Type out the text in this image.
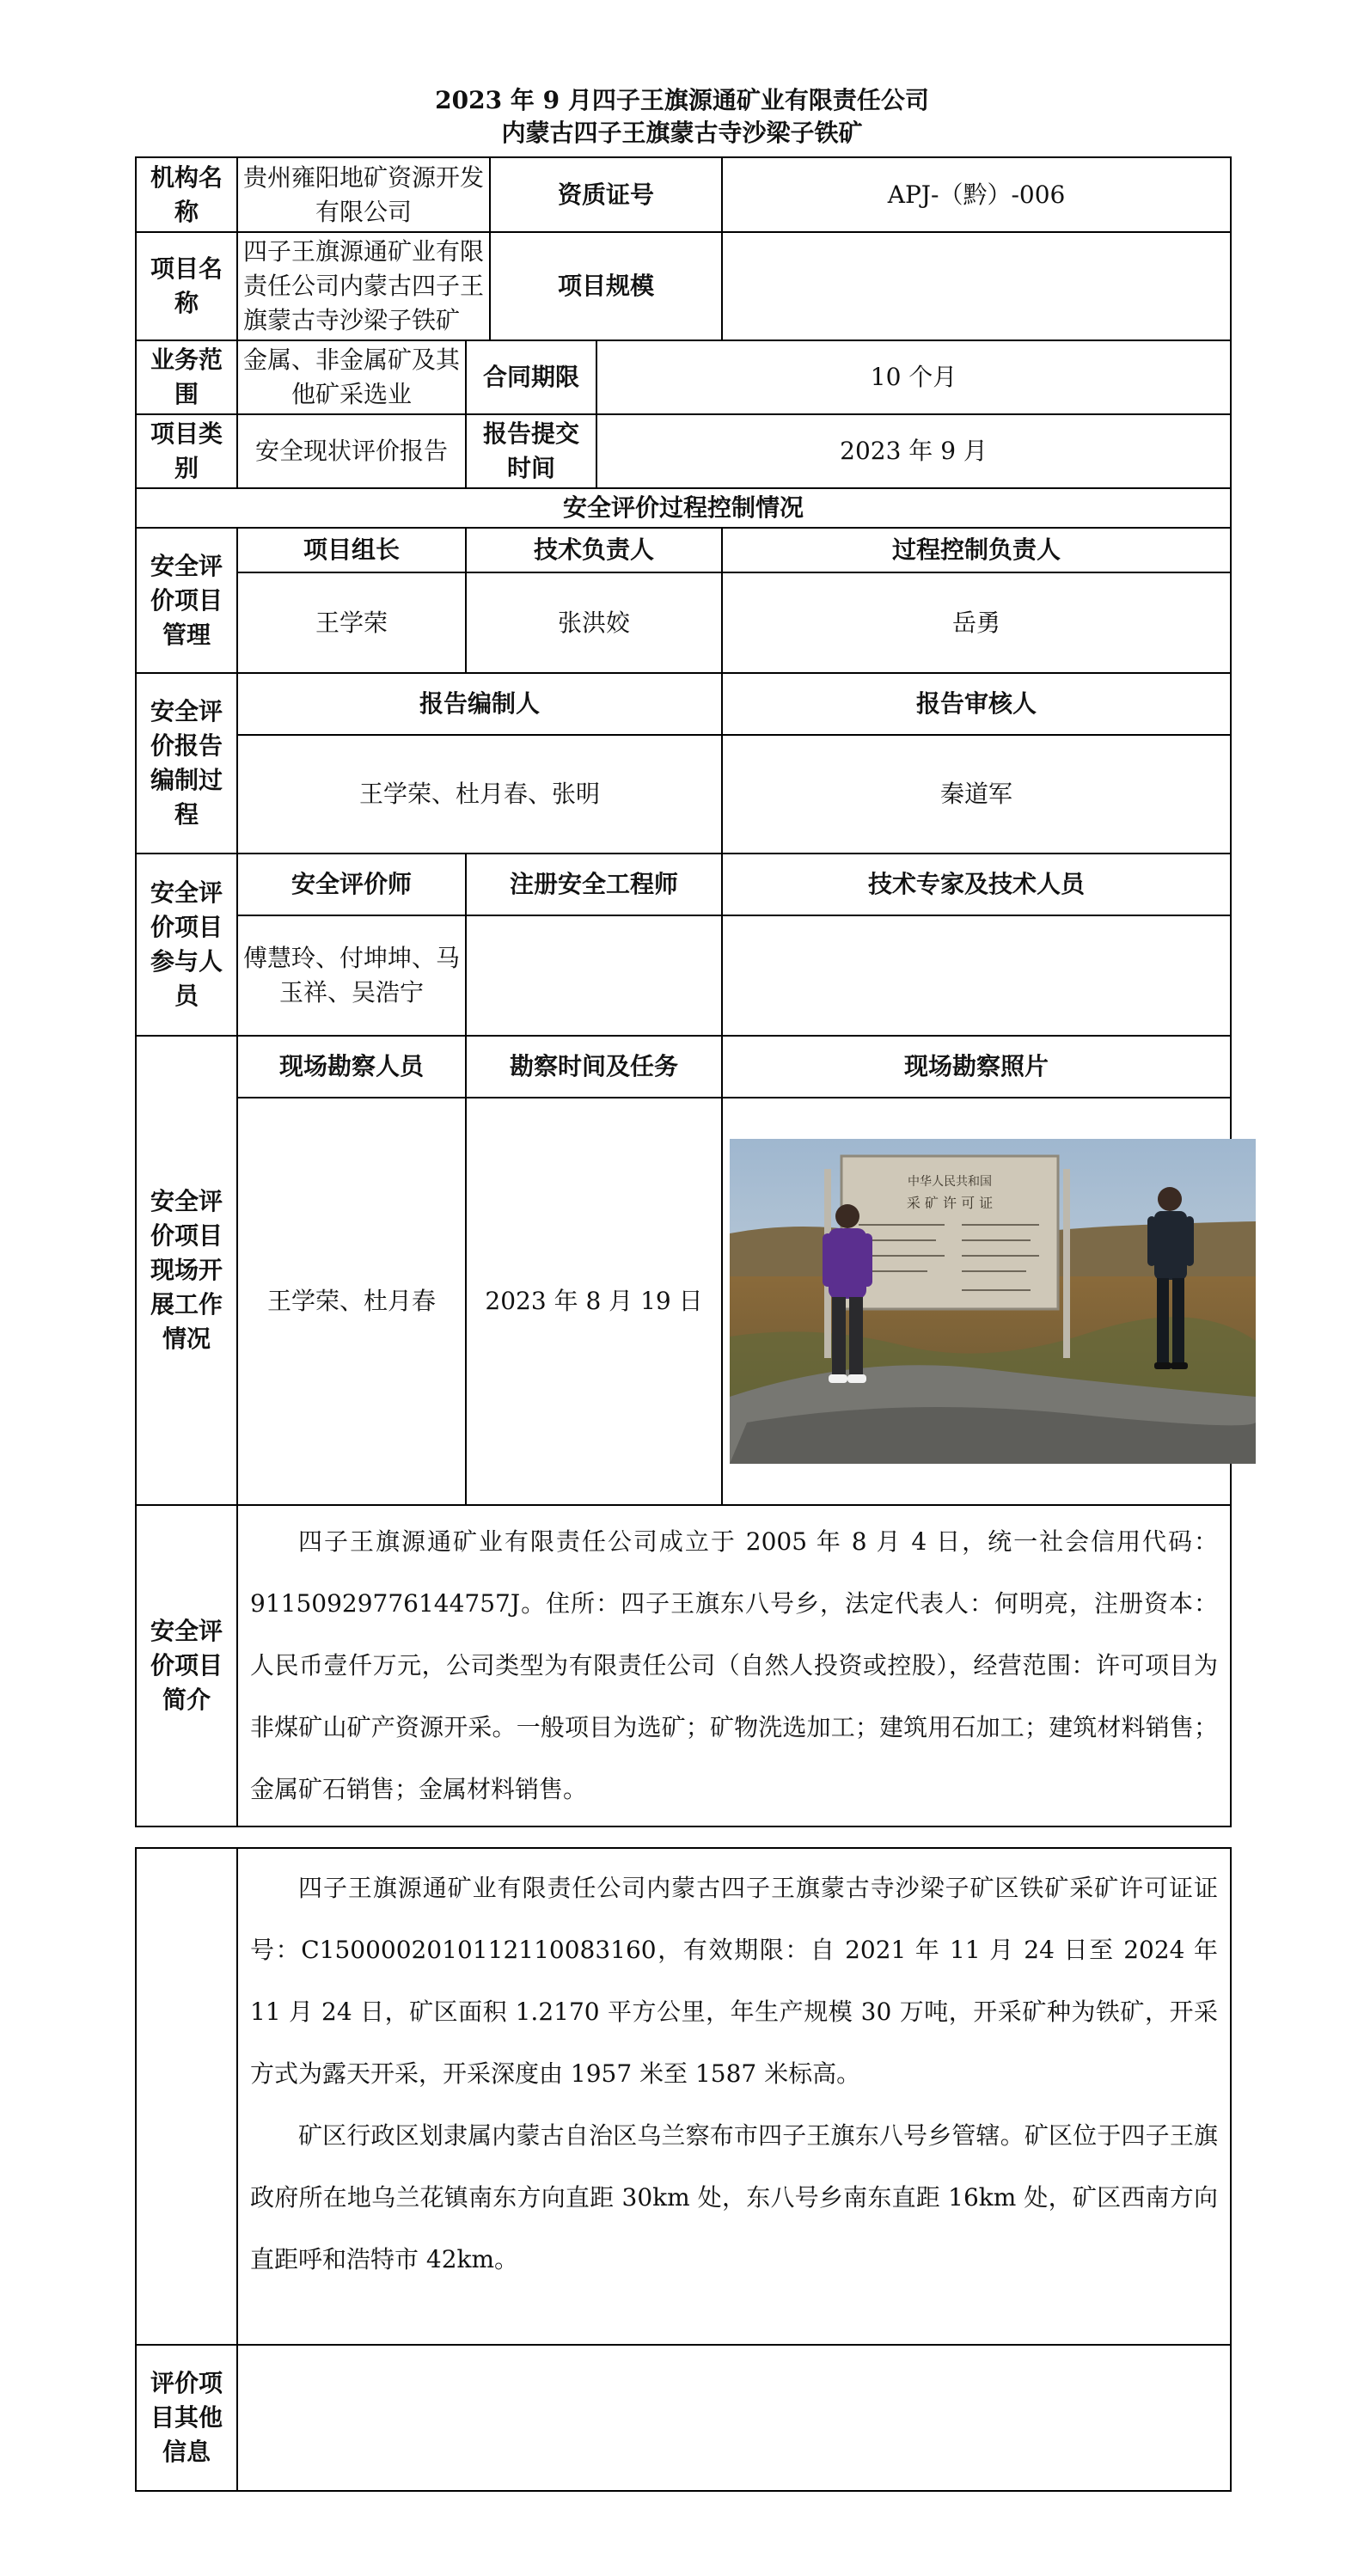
2023 年 9 月四子王旗源通矿业有限责任公司
内蒙古四子王旗蒙古寺沙梁子铁矿
机构名称	贵州雍阳地矿资源开发有限公司		资质证号		APJ-（黔）-006
项目名称	四子王旗源通矿业有限责任公司内蒙古四子王旗蒙古寺沙梁子铁矿		项目规模		
业务范围	金属、非金属矿及其他矿采选业	合同期限		10 个月	
项目类别	安全现状评价报告	报告提交时间		2023 年 9 月	
安全评价过程控制情况					
安全评价项目管理	项目组长	技术负责人			过程控制负责人
	王学荣	张洪姣			岳勇
安全评价报告编制过程	报告编制人				报告审核人
	王学荣、杜月春、张明				秦道军
安全评价项目参与人员	安全评价师	注册安全工程师			技术专家及技术人员
	傅慧玲、付坤坤、马玉祥、吴浩宁				
安全评价项目现场开展工作情况	现场勘察人员	勘察时间及任务			现场勘察照片
	王学荣、杜月春	2023 年 8 月 19 日			中华人民共和国
采 矿 许 可 证

安全评价项目简介	四子王旗源通矿业有限责任公司成立于 2005 年 8 月 4 日，统一社会信用代码：91150929776144757J。住所：四子王旗东八号乡，法定代表人：何明亮，注册资本：人民币壹仟万元，公司类型为有限责任公司（自然人投资或控股），经营范围：许可项目为非煤矿山矿产资源开采。一般项目为选矿；矿物洗选加工；建筑用石加工；建筑材料销售；金属矿石销售；金属材料销售。				

	四子王旗源通矿业有限责任公司内蒙古四子王旗蒙古寺沙梁子矿区铁矿采矿许可证证号：C1500002010112110083160，有效期限：自 2021 年 11 月 24 日至 2024 年 11 月 24 日，矿区面积 1.2170 平方公里，年生产规模 30 万吨，开采矿种为铁矿，开采方式为露天开采，开采深度由 1957 米至 1587 米标高。

矿区行政区划隶属内蒙古自治区乌兰察布市四子王旗东八号乡管辖。矿区位于四子王旗政府所在地乌兰花镇南东方向直距 30km 处，东八号乡南东直距 16km 处，矿区西南方向直距呼和浩特市 42km。

评价项目其他信息	
